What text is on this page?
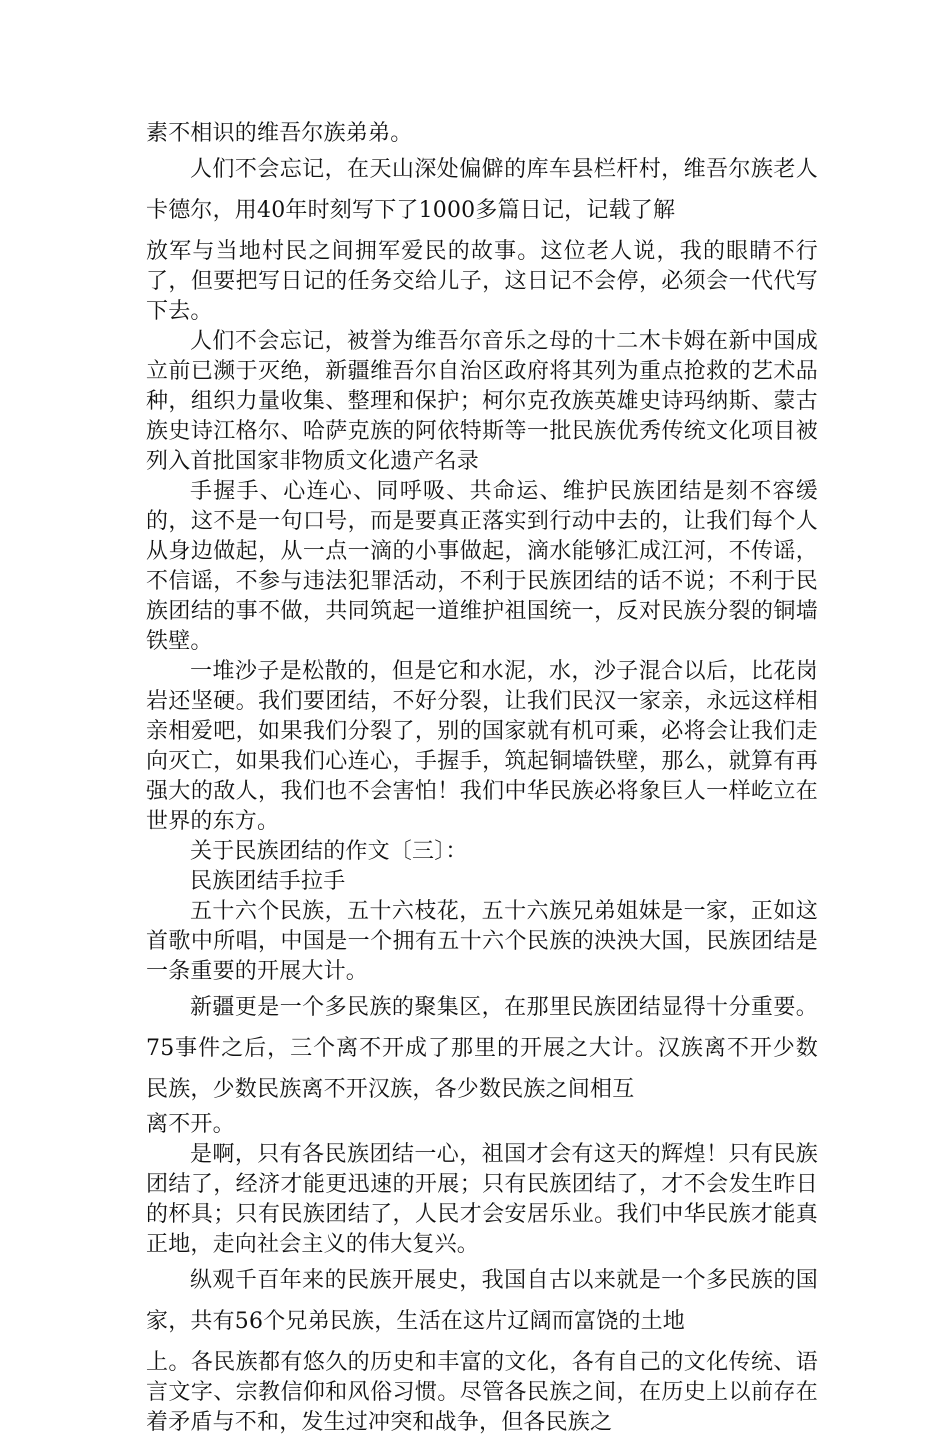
素不相识的维吾尔族弟弟。

人们不会忘记，在天山深处偏僻的库车县栏杆村，维吾尔族老人卡德尔，用40年时刻写下了1000多篇日记，记载了解
放军与当地村民之间拥军爱民的故事。这位老人说，我的眼睛不行了，但要把写日记的任务交给儿子，这日记不会停，必须会一代代写下去。

人们不会忘记，被誉为维吾尔音乐之母的十二木卡姆在新中国成立前已濒于灭绝，新疆维吾尔自治区政府将其列为重点抢救的艺术品种，组织力量收集、整理和保护；柯尔克孜族英雄史诗玛纳斯、蒙古族史诗江格尔、哈萨克族的阿依特斯等一批民族优秀传统文化项目被列入首批国家非物质文化遗产名录

手握手、心连心、同呼吸、共命运、维护民族团结是刻不容缓的，这不是一句口号，而是要真正落实到行动中去的，让我们每个人从身边做起，从一点一滴的小事做起，滴水能够汇成江河，不传谣，不信谣，不参与违法犯罪活动，不利于民族团结的话不说；不利于民族团结的事不做，共同筑起一道维护祖国统一，反对民族分裂的铜墙铁壁。

一堆沙子是松散的，但是它和水泥，水，沙子混合以后，比花岗岩还坚硬。我们要团结，不好分裂，让我们民汉一家亲，永远这样相亲相爱吧，如果我们分裂了，别的国家就有机可乘，必将会让我们走向灭亡，如果我们心连心，手握手，筑起铜墙铁壁，那么，就算有再强大的敌人，我们也不会害怕！我们中华民族必将象巨人一样屹立在世界的东方。

关于民族团结的作文〔三〕：

民族团结手拉手

五十六个民族，五十六枝花，五十六族兄弟姐妹是一家，正如这首歌中所唱，中国是一个拥有五十六个民族的泱泱大国，民族团结是一条重要的开展大计。

新疆更是一个多民族的聚集区，在那里民族团结显得十分重要。75事件之后，三个离不开成了那里的开展之大计。汉族离不开少数民族，少数民族离不开汉族，各少数民族之间相互
离不开。

是啊，只有各民族团结一心，祖国才会有这天的辉煌！只有民族团结了，经济才能更迅速的开展；只有民族团结了，才不会发生昨日的杯具；只有民族团结了，人民才会安居乐业。我们中华民族才能真正地，走向社会主义的伟大复兴。

纵观千百年来的民族开展史，我国自古以来就是一个多民族的国家，共有56个兄弟民族，生活在这片辽阔而富饶的土地
上。各民族都有悠久的历史和丰富的文化，各有自己的文化传统、语言文字、宗教信仰和风俗习惯。尽管各民族之间，在历史上以前存在着矛盾与不和，发生过冲突和战争，但各民族之
